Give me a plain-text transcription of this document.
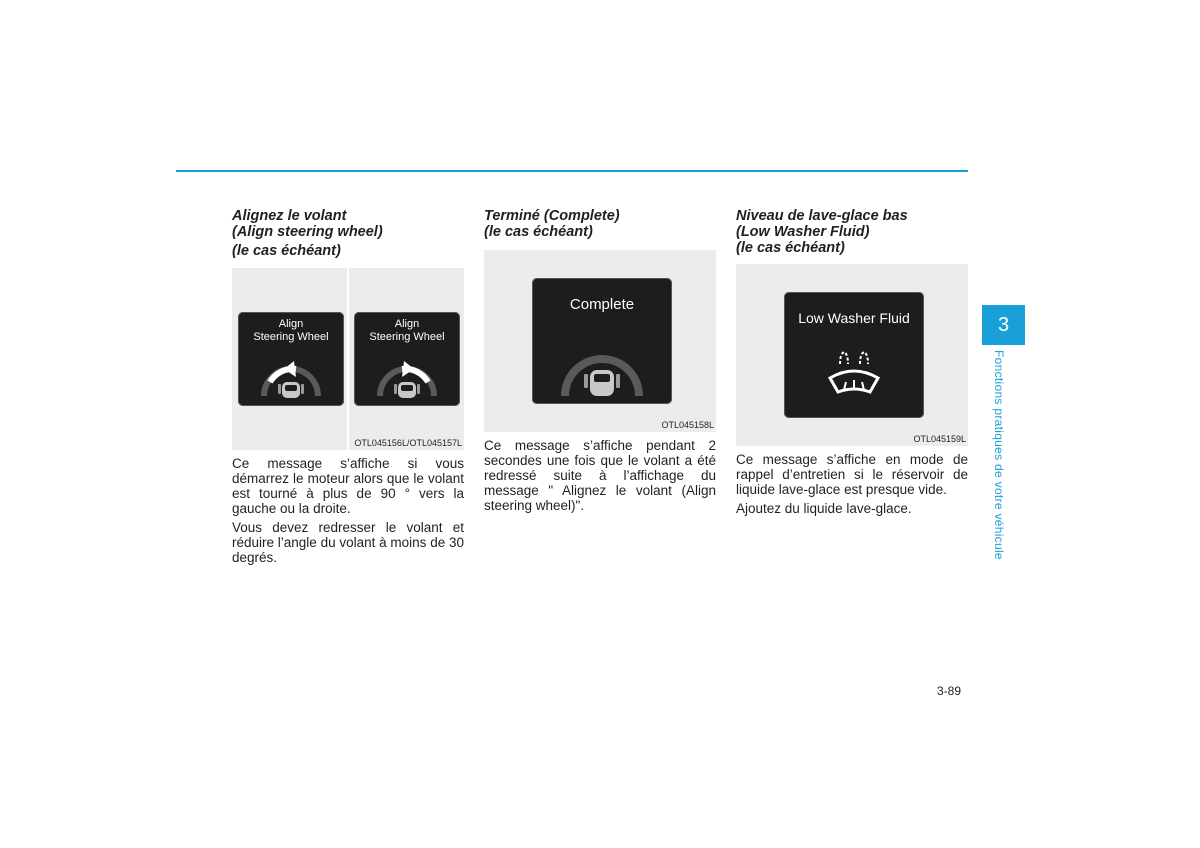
Alignez le volant
(Align steering wheel)
(le cas échéant)
Align
Steering Wheel
Align
Steering Wheel
OTL045156L/OTL045157L

Ce message s’affiche si vous démarrez le moteur alors que le volant est tourné à plus de 90 ° vers la gauche ou la droite.

Vous devez redresser le volant et réduire l’angle du volant à moins de 30 degrés.

Terminé (Complete)
(le cas échéant)
Complete
OTL045158L

Ce message s’affiche pendant 2 secondes une fois que le volant a été redressé suite à l’affichage du message " Alignez le volant (Align steering wheel)".

Niveau de lave-glace bas
(Low Washer Fluid)
(le cas échéant)
Low Washer Fluid
OTL045159L

Ce message s’affiche en mode de rappel d’entretien si le réservoir de liquide lave-glace est presque vide.

Ajoutez du liquide lave-glace.

3
Fonctions pratiques de votre véhicule
3-89
